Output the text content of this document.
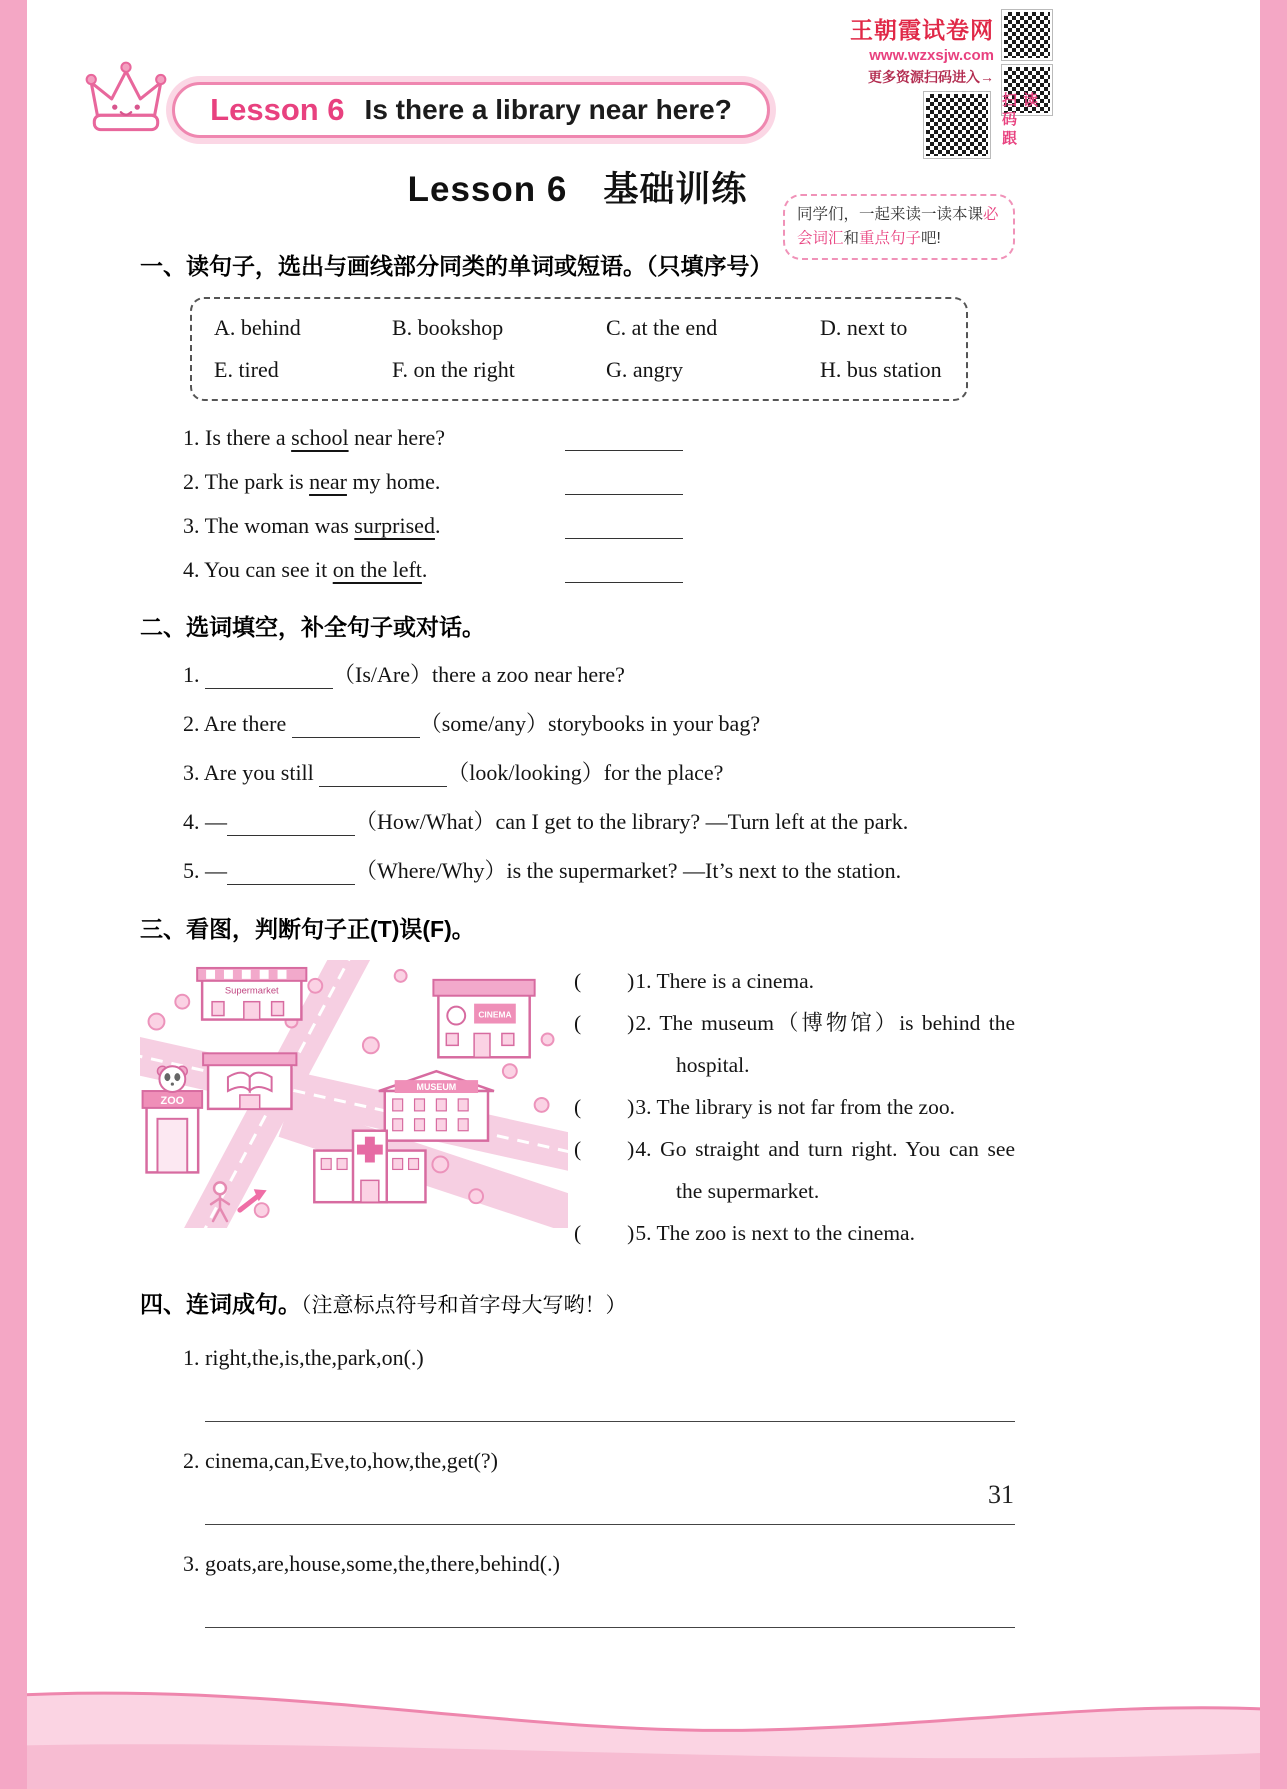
Lesson 6 Is there a library near here?
王朝霞试卷网
www.wzxsjw.com
更多资源扫码进入→
扫码跟读
同学们，一起来读一读本课必会词汇和重点句子吧!
Lesson 6　基础训练
一、读句子，选出与画线部分同类的单词或短语。（只填序号）
A. behind	B. bookshop	C. at the end	D. next to
E. tired	F. on the right	G. angry	H. bus station
1. Is there a school near here?
2. The park is near my home.
3. The woman was surprised.
4. You can see it on the left.
二、选词填空，补全句子或对话。
1.	（Is/Are）there a zoo near here?
2. Are there	（some/any）storybooks in your bag?
3. Are you still	（look/looking）for the place?
4. —	（How/What）can I get to the library? —Turn left at the park.
5. —	（Where/Why）is the supermarket? —It’s next to the station.
三、看图，判断句子正(T)误(F)。
Supermarket
CINEMA
MUSEUM
ZOO
(  )1. There is a cinema.
(  )2. The museum（博物馆）is behind the hospital.
(  )3. The library is not far from the zoo.
(  )4. Go straight and turn right. You can see the supermarket.
(  )5. The zoo is next to the cinema.
四、连词成句。（注意标点符号和首字母大写哟！）
1. right,the,is,the,park,on(.)
2. cinema,can,Eve,to,how,the,get(?)
3. goats,are,house,some,the,there,behind(.)
31
